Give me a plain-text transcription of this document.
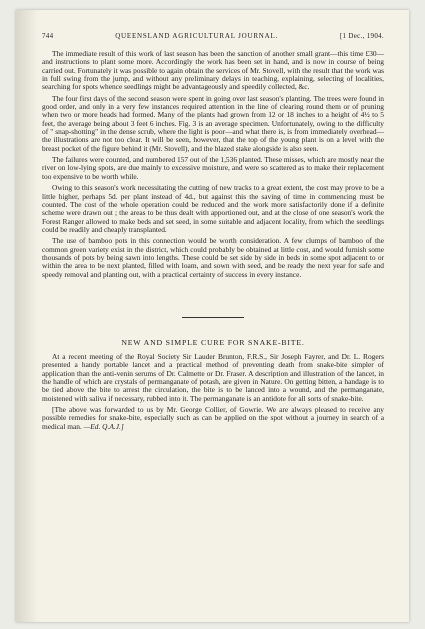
744	QUEENSLAND AGRICULTURAL JOURNAL.	[1 Dec., 1904.

The immediate result of this work of last season has been the sanction of another small grant—this time £30—and instructions to plant some more. Accordingly the work has been set in hand, and is now in course of being carried out. Fortunately it was possible to again obtain the services of Mr. Stovell, with the result that the work was in full swing from the jump, and without any preliminary delays in teaching, explaining, selecting of localities, searching for spots whence seedlings might be advantageously and speedily collected, &c.

The four first days of the second season were spent in going over last season's planting. The trees were found in good order, and only in a very few instances required attention in the line of clearing round them or of pruning when two or more heads had formed. Many of the plants had grown from 12 or 18 inches to a height of 4½ to 5 feet, the average being about 3 feet 6 inches. Fig. 3 is an average specimen. Unfortunately, owing to the difficulty of " snap-shotting" in the dense scrub, where the light is poor—and what there is, is from immediately overhead—the illustrations are not too clear. It will be seen, however, that the top of the young plant is on a level with the breast pocket of the figure behind it (Mr. Stovell), and the blazed stake alongside is also seen.

The failures were counted, and numbered 157 out of the 1,536 planted. These misses, which are mostly near the river on low-lying spots, are due mainly to excessive moisture, and were so scattered as to make their replacement too expensive to be worth while.

Owing to this season's work necessitating the cutting of new tracks to a great extent, the cost may prove to be a little higher, perhaps 5d. per plant instead of 4d., but against this the saving of time in commencing must be counted. The cost of the whole operation could be reduced and the work more satisfactorily done if a definite scheme were drawn out ; the areas to be thus dealt with apportioned out, and at the close of one season's work the Forest Ranger allowed to make beds and set seed, in some suitable and adjacent locality, from which the seedlings could be readily and cheaply transplanted.

The use of bamboo pots in this connection would be worth consideration. A few clumps of bamboo of the common green variety exist in the district, which could probably be obtained at little cost, and would furnish some thousands of pots by being sawn into lengths. These could be set side by side in beds in some spot adjacent to or within the area to be next planted, filled with loam, and sown with seed, and be ready the next year for safe and speedy removal and planting out, with a practical certainty of success in every instance.

NEW AND SIMPLE CURE FOR SNAKE-BITE.

At a recent meeting of the Royal Society Sir Lauder Brunton, F.R.S., Sir Joseph Fayrer, and Dr. L. Rogers presented a handy portable lancet and a practical method of preventing death from snake-bite simpler of application than the anti-venin serums of Dr. Calmette or Dr. Fraser. A description and illustration of the lancet, in the handle of which are crystals of permanganate of potash, are given in Nature. On getting bitten, a handage is to be tied above the bite to arrest the circulation, the bite is to be lanced into a wound, and the permanganate, moistened with saliva if necessary, rubbed into it. The permanganate is an antidote for all sorts of snake-bite.

[The above was forwarded to us by Mr. George Collier, of Gowrie. We are always pleased to receive any possible remedies for snake-bite, especially such as can be applied on the spot without a journey in search of a medical man. —Ed. Q.A.J.]
